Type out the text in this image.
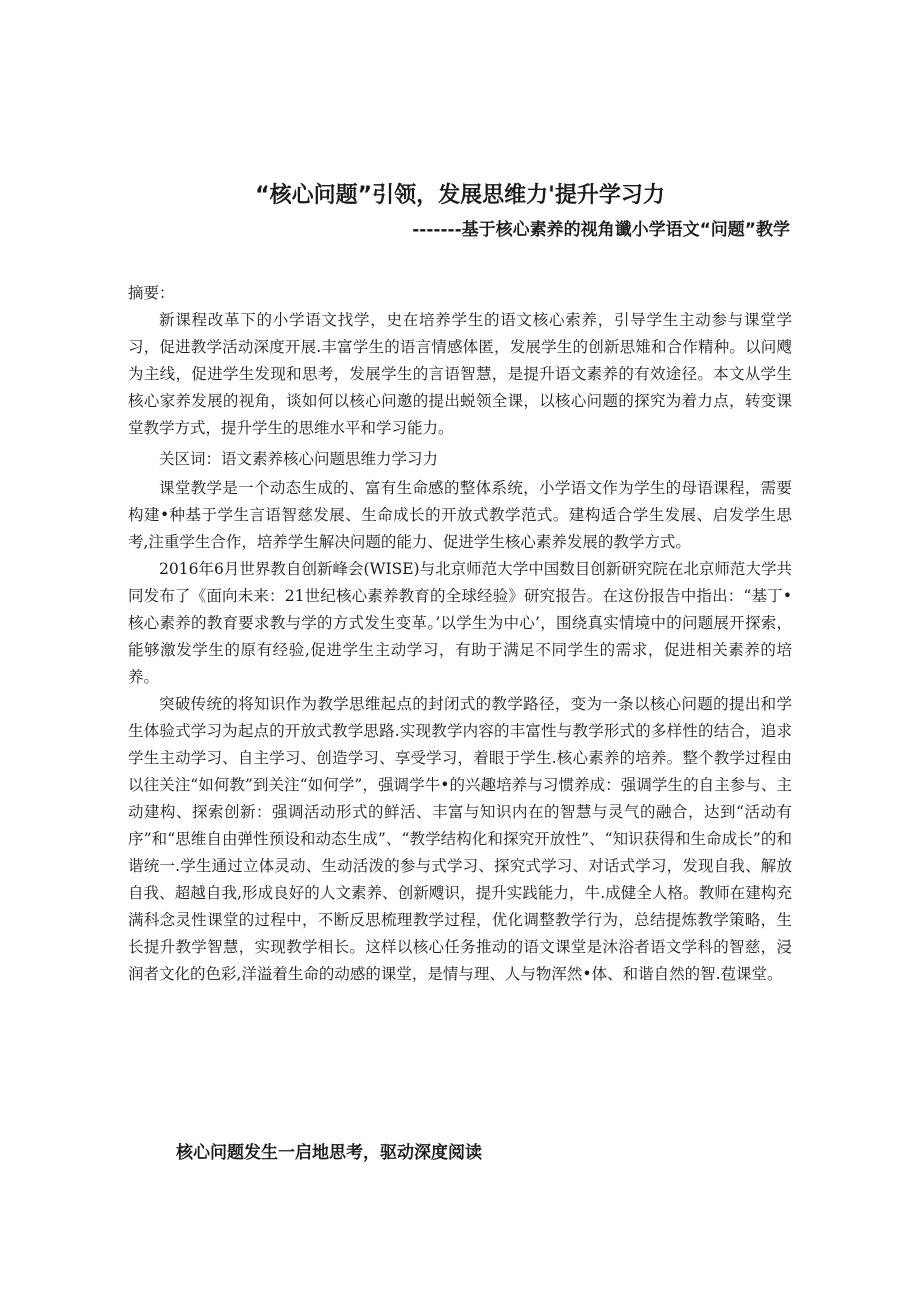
“核心问题”引领，发展思维力'提升学习力
-------基于核心素养的视角谶小学语文“问题”教学

摘要：

新课程改革下的小学语文找学，史在培养学生的语文核心索养，引导学生主动参与课堂学习，促进教学活动深度开展.丰富学生的语言情感体匿，发展学生的创新思雉和合作精种。以问飕为主线，促进学生发现和思考，发展学生的言语智慧，是提升语文素养的有效途径。本文从学生核心家养发展的视角，谈如何以核心问邀的提出蜕领全课，以核心问题的探究为着力点，转变课堂教学方式，提升学生的思维水平和学习能力。

关区词：语文素养核心问题思维力学习力

课堂教学是一个动态生成的、富有生命感的整体系统，小学语文作为学生的母语课程，需要构建•种基于学生言语智慈发展、生命成长的开放式教学范式。建构适合学生发展、启发学生思考,注重学生合作，培养学生解决问题的能力、促进学生核心素养发展的教学方式。

2016年6月世界教自创新峰会(WISE)与北京师范大学中国数目创新研究院在北京师范大学共同发布了《面向未来：21世纪核心素养教育的全球经验》研究报告。在这份报告中指出：“基丁•核心素养的教育要求教与学的方式发生变革。’以学生为中心’，围绕真实情境中的问题展开探索，能够激发学生的原有经验,促进学生主动学习，有助于满足不同学生的需求，促进相关素养的培养。

突破传统的将知识作为教学思维起点的封闭式的教学路径，变为一条以核心问题的提出和学生体验式学习为起点的开放式教学思路.实现教学内容的丰富性与教学形式的多样性的结合，追求学生主动学习、自主学习、创造学习、享受学习，着眼于学生.核心素养的培养。整个教学过程由以往关注“如何教”到关注“如何学”，强调学牛•的兴趣培养与习惯养成：强调学生的自主参与、主动建构、探索创新：强调活动形式的鲜活、丰富与知识内在的智慧与灵气的融合，达到“活动有序”和“思维自由弹性预设和动态生成”、“教学结构化和探究开放性”、“知识获得和生命成长”的和谐统一.学生通过立体灵动、生动活泼的参与式学习、探究式学习、对话式学习，发现自我、解放自我、超越自我,形成良好的人文素养、创新飕识，提升实践能力，牛.成健全人格。教师在建构充满科念灵性课堂的过程中，不断反思梳理教学过程，优化调整教学行为，总结提炼教学策略，生长提升教学智慧，实现教学相长。这样以核心任务推动的语文课堂是沐浴者语文学科的智慈，浸润者文化的色彩,洋溢着生命的动感的课堂，是情与理、人与物浑然•体、和谐自然的智.苞课堂。

核心问题发生一启地思考，驱动深度阅读
